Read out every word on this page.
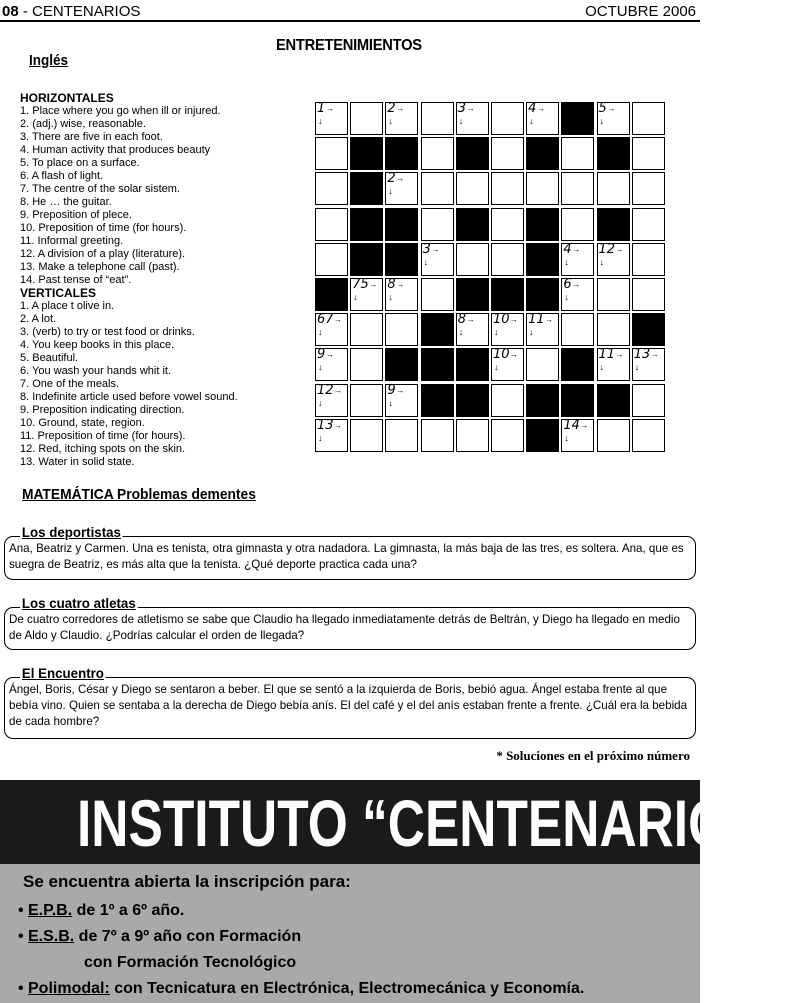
08 - CENTENARIOS	OCTUBRE 2006
ENTRETENIMIENTOS
Inglés
HORIZONTALES
1. Place where you go when ill or injured.
2. (adj.) wise, reasonable.
3. There are five in each foot.
4. Human activity that produces beauty
5. To place on a surface.
6. A flash of light.
7. The centre of the solar sistem.
8. He … the guitar.
9. Preposition of plece.
10. Preposition of time (for hours).
11. Informal greeting.
12. A division of a play (literature).
13. Make a telephone call (past).
14. Past tense of “eat”.
VERTICALES
1. A place t olive in.
2. A lot.
3. (verb) to try or test food or drinks.
4. You keep books in this place.
5. Beautiful.
6. You wash your hands whit it.
7. One of the meals.
8. Indefinite article used before vowel sound.
9. Preposition indicating direction.
10. Ground, state, region.
11. Preposition of time (for hours).
12. Red, itching spots on the skin.
13. Water in solid state.
1 →
↓
2 →
↓
3 →
↓
4 →
↓
5 →
↓
2 →
↓
3 →
↓
4 →
↓
12 →
↓
75 →
↓
8 →
↓
6 →
↓
67 →
↓
8 →
↓
10 →
↓
11 →
↓
9 →
↓
10 →
↓
11 →
↓
13 →
↓
12 →
↓
9 →
↓
13 →
↓
14 →
↓
MATEMÁTICA Problemas dementes
Los deportistas
Ana, Beatriz y Carmen. Una es tenista, otra gimnasta y otra nadadora. La gimnasta, la más baja de las tres, es soltera. Ana, que es suegra de Beatriz, es más alta que la tenista. ¿Qué deporte practica cada una?
Los cuatro atletas
De cuatro corredores de atletismo se sabe que Claudio ha llegado inmediatamente detrás de Beltrán, y Diego ha llegado en medio de Aldo y Claudio. ¿Podrías calcular el orden de llegada?
El Encuentro
Ángel, Boris, César y Diego se sentaron a beber. El que se sentó a la izquierda de Boris, bebió agua. Ángel estaba frente al que bebía vino. Quien se sentaba a la derecha de Diego bebía anís. El del café y el del anís estaban frente a frente. ¿Cuál era la bebida de cada hombre?
* Soluciones en el próximo número
INSTITUTO “CENTENARIOS”
Se encuentra abierta la inscripción para:
• E.P.B. de 1º a 6º año.
• E.S.B. de 7º a 9º año con Formación
con Formación Tecnológico
• Polimodal: con Tecnicatura en Electrónica, Electromecánica y Economía.
